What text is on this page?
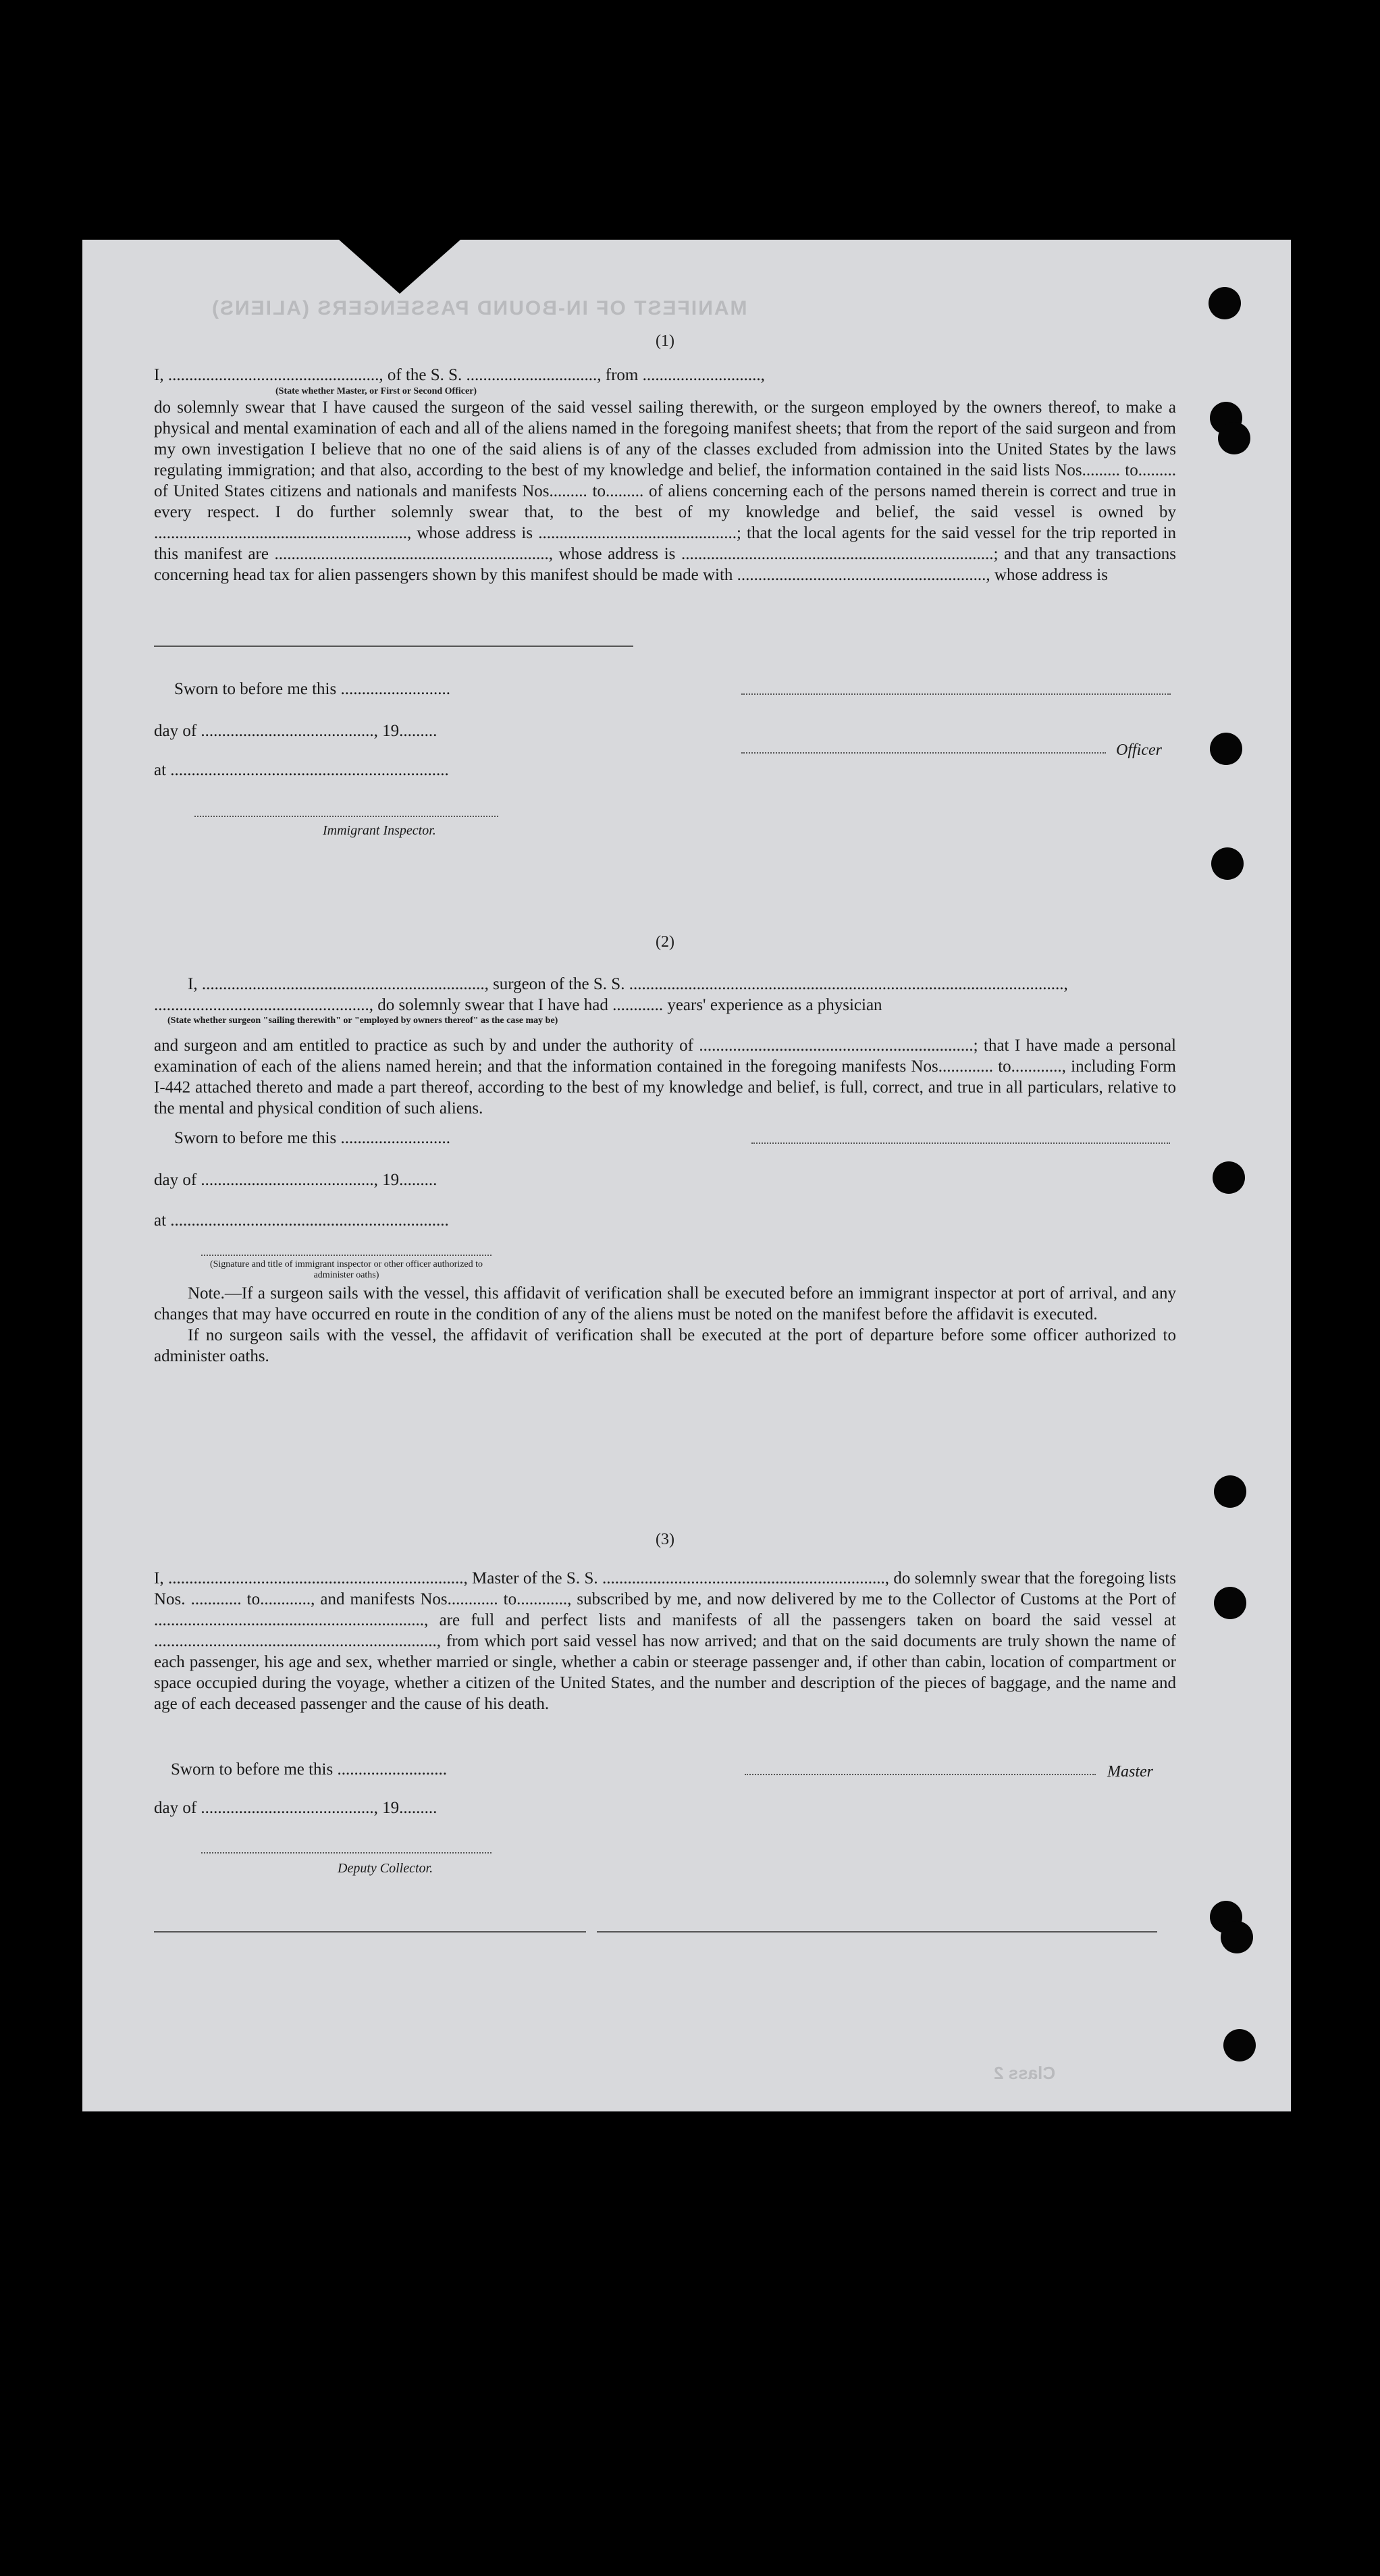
MANIFEST OF IN-BOUND PASSENGERS (ALIENS)
Class 2
(1)
I, .................................................., of the S. S. ..............................., from ............................,
(State whether Master, or First or Second Officer)

do solemnly swear that I have caused the surgeon of the said vessel sailing therewith, or the surgeon employed by the owners thereof, to make a physical and mental examination of each and all of the aliens named in the foregoing manifest sheets; that from the report of the said surgeon and from my own investigation I believe that no one of the said aliens is of any of the classes excluded from admission into the United States by the laws regulating immigration; and that also, according to the best of my knowledge and belief, the information contained in the said lists Nos......... to......... of United States citizens and nationals and manifests Nos......... to......... of aliens concerning each of the persons named therein is correct and true in every respect. I do further solemnly swear that, to the best of my knowledge and belief, the said vessel is owned by ............................................................, whose address is ...............................................; that the local agents for the said vessel for the trip reported in this manifest are ................................................................., whose address is ..........................................................................; and that any transactions concerning head tax for alien passengers shown by this manifest should be made with ..........................................................., whose address is

Sworn to before me this ..........................
day of ........................................., 19.........
at ..................................................................
Officer
Immigrant Inspector.
(2)
I, ..................................................................., surgeon of the S. S. .......................................................................................................,
..................................................., do solemnly swear that I have had ............ years' experience as a physician
(State whether surgeon "sailing therewith" or "employed by owners thereof" as the case may be)

and surgeon and am entitled to practice as such by and under the authority of .................................................................; that I have made a personal examination of each of the aliens named herein; and that the information contained in the foregoing manifests Nos............. to............, including Form I-442 attached thereto and made a part thereof, according to the best of my knowledge and belief, is full, correct, and true in all particulars, relative to the mental and physical condition of such aliens.

Sworn to before me this ..........................
day of ........................................., 19.........
at ..................................................................
(Signature and title of immigrant inspector or other officer authorized to administer oaths)

Note.—If a surgeon sails with the vessel, this affidavit of verification shall be executed before an immigrant inspector at port of arrival, and any changes that may have occurred en route in the condition of any of the aliens must be noted on the manifest before the affidavit is executed.

If no surgeon sails with the vessel, the affidavit of verification shall be executed at the port of departure before some officer authorized to administer oaths.

(3)

I, ......................................................................, Master of the S. S. ..................................................................., do solemnly swear that the foregoing lists Nos. ............ to............, and manifests Nos............ to............, subscribed by me, and now delivered by me to the Collector of Customs at the Port of ................................................................, are full and perfect lists and manifests of all the passengers taken on board the said vessel at ..................................................................., from which port said vessel has now arrived; and that on the said documents are truly shown the name of each passenger, his age and sex, whether married or single, whether a cabin or steerage passenger and, if other than cabin, location of compartment or space occupied during the voyage, whether a citizen of the United States, and the number and description of the pieces of baggage, and the name and age of each deceased passenger and the cause of his death.

Sworn to before me this ..........................	Master
day of ........................................., 19.........
Deputy Collector.
